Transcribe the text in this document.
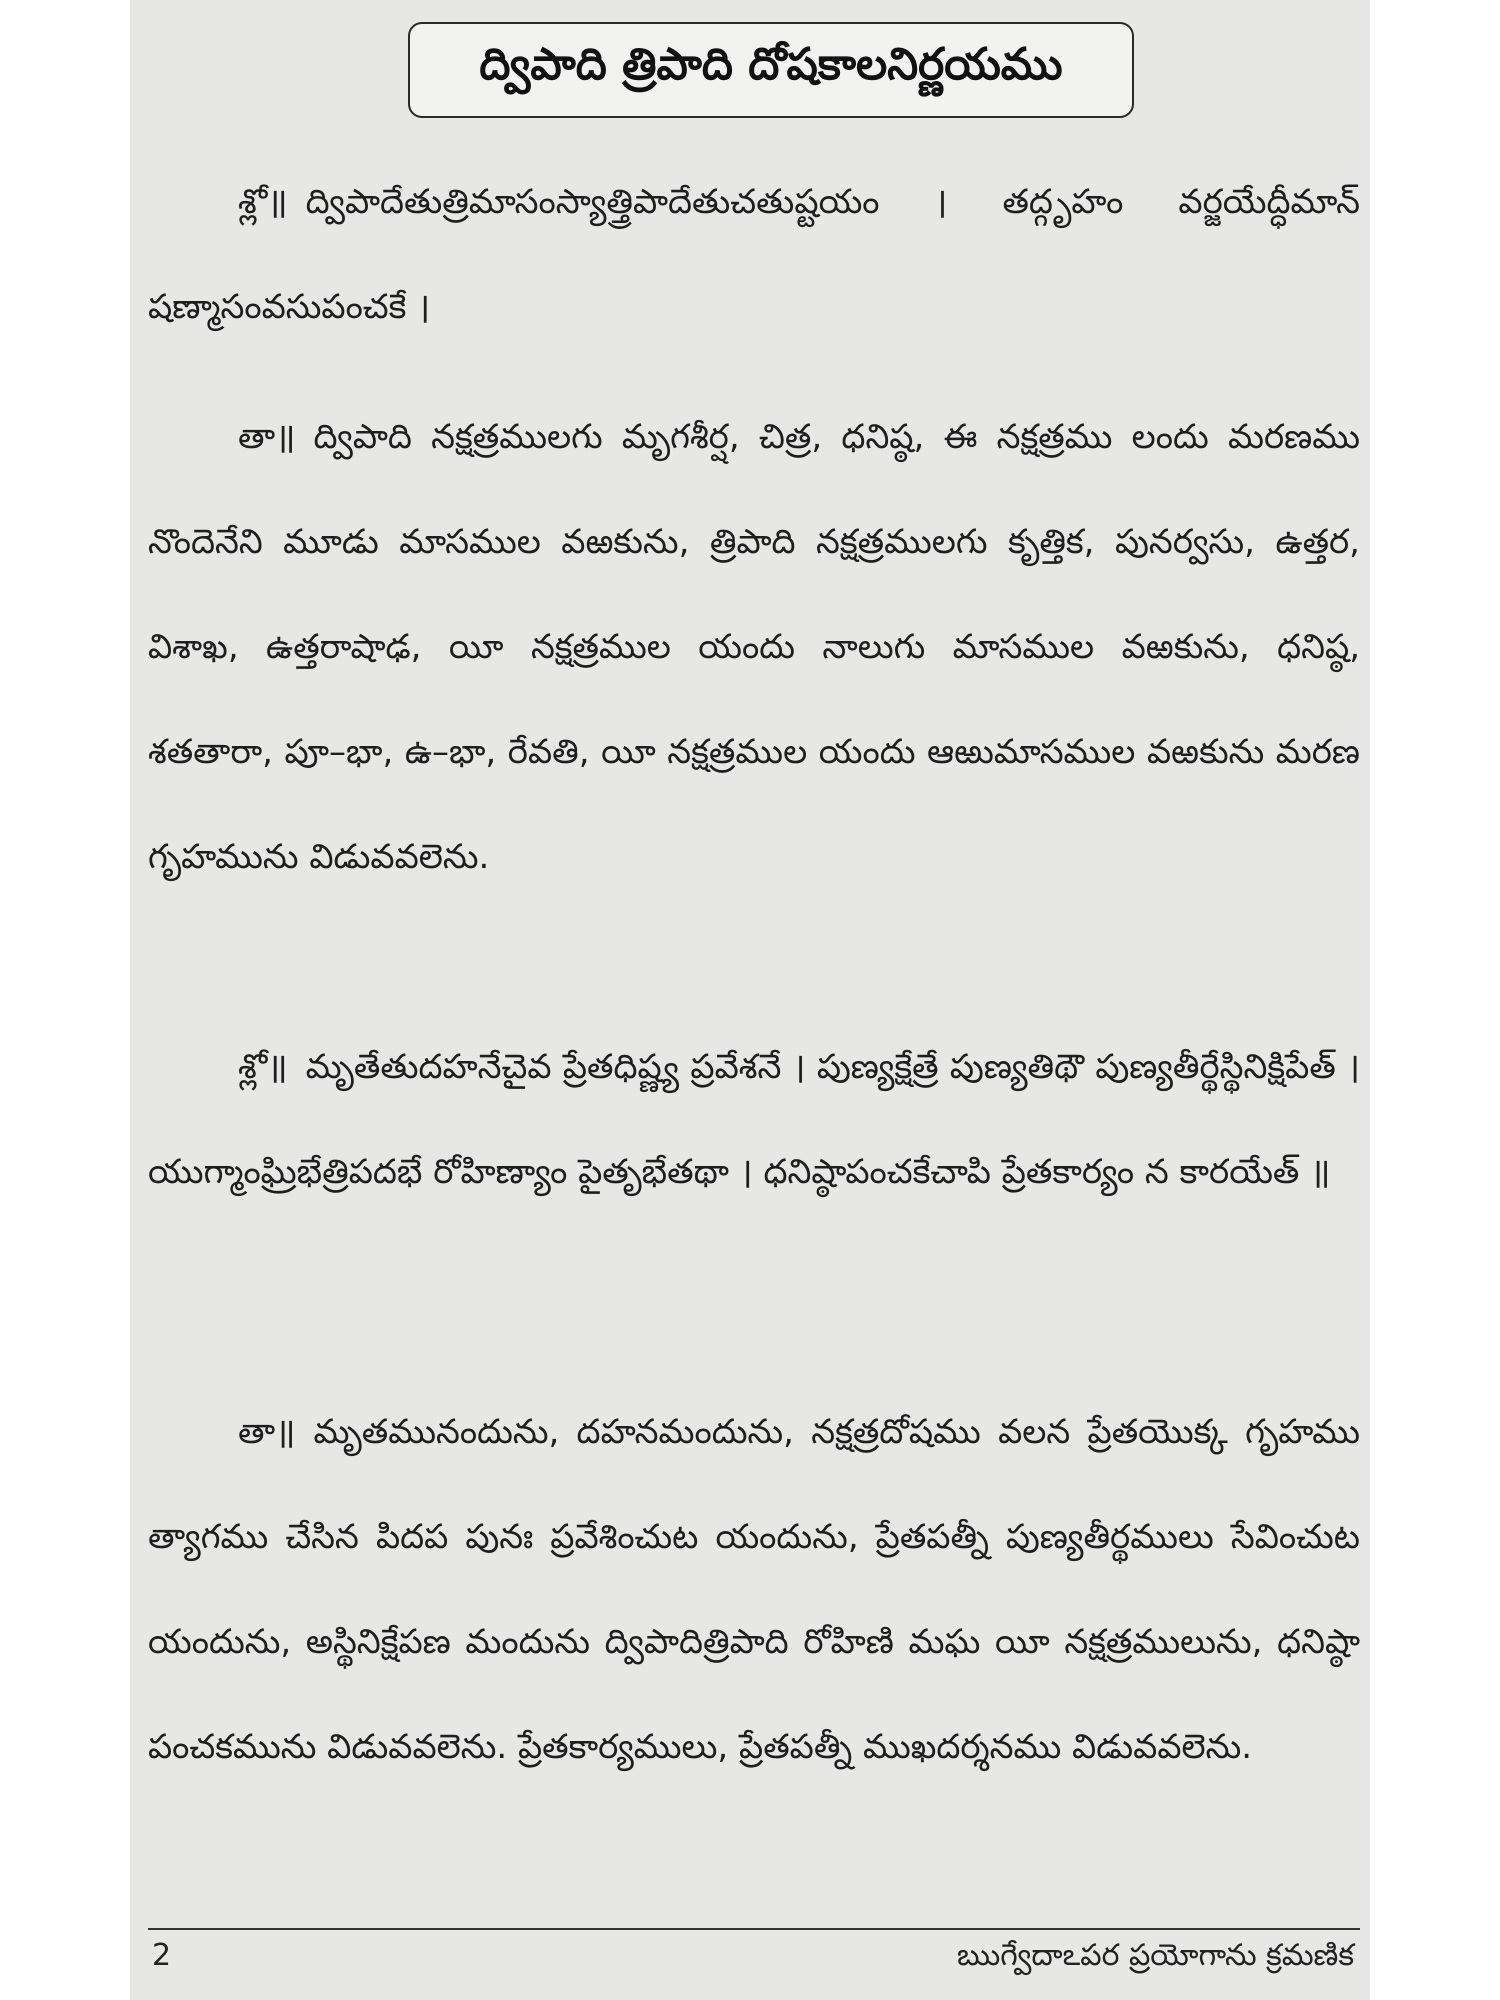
ద్విపాది త్రిపాది దోషకాలనిర్ణయము

శ్లో॥ ద్విపాదేతుత్రిమాసంస్యాత్త్రిపాదేతుచతుష్టయం । తద్గృహం వర్జయేద్ధీమాన్ షణ్మాసంవసుపంచకే ।

తా॥ ద్విపాది నక్షత్రములగు మృగశీర్ష, చిత్ర, ధనిష్ఠ, ఈ నక్షత్రము లందు మరణము నొందెనేని మూడు మాసముల వఱకును, త్రిపాది నక్షత్రములగు కృత్తిక, పునర్వసు, ఉత్తర, విశాఖ, ఉత్తరాషాఢ, యీ నక్షత్రముల యందు నాలుగు మాసముల వఱకును, ధనిష్ఠ, శతతారా, పూ–భా, ఉ–భా, రేవతి, యీ నక్షత్రముల యందు ఆఱుమాసముల వఱకును మరణ గృహమును విడువవలెను.

శ్లో॥ మృతేతుదహనేచైవ ప్రేతధిష్ణ్య ప్రవేశనే । పుణ్యక్షేత్రే పుణ్యతిథౌ పుణ్యతీర్థేస్థినిక్షిపేత్ । యుగ్మాంఘ్రిభేత్రిపదభే రోహిణ్యాం పైతృభేతథా । ధనిష్ఠాపంచకేచాపి ప్రేతకార్యం న కారయేత్ ॥

తా॥ మృతమునందును, దహనమందును, నక్షత్రదోషము వలన ప్రేతయొక్క గృహము త్యాగము చేసిన పిదప పునః ప్రవేశించుట యందును, ప్రేతపత్నీ పుణ్యతీర్థములు సేవించుట యందును, అస్థినిక్షేపణ మందును ద్విపాదిత్రిపాది రోహిణి మఘ యీ నక్షత్రములును, ధనిష్ఠా పంచకమును విడువవలెను. ప్రేతకార్యములు, ప్రేతపత్నీ ముఖదర్శనము విడువవలెను.

2	ఋగ్వేదాఽపర ప్రయోగాను క్రమణిక
